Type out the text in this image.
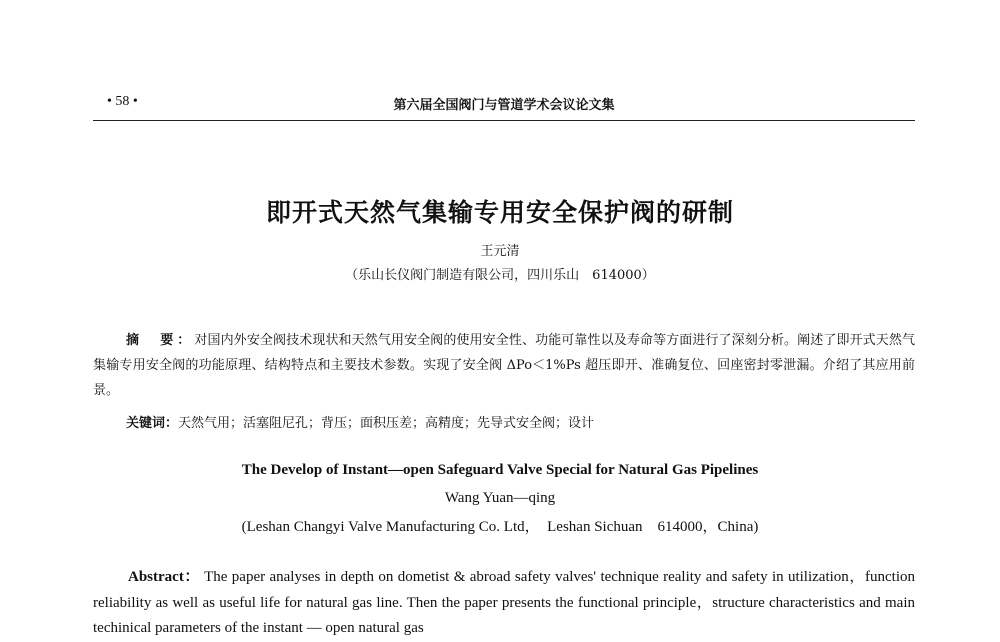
• 58 •	第六届全国阀门与管道学术会议论文集
即开式天然气集输专用安全保护阀的研制
王元清
（乐山长仪阀门制造有限公司，四川乐山　614000）
摘　要：对国内外安全阀技术现状和天然气用安全阀的使用安全性、功能可靠性以及寿命等方面进行了深刻分析。阐述了即开式天然气集输专用安全阀的功能原理、结构特点和主要技术参数。实现了安全阀 ΔPo＜1%Ps 超压即开、准确复位、回座密封零泄漏。介绍了其应用前景。
关键词：天然气用；活塞阻尼孔；背压；面积压差；高精度；先导式安全阀；设计
The Develop of Instant—open Safeguard Valve Special for Natural Gas Pipelines
Wang Yuan—qing
(Leshan Changyi Valve Manufacturing Co. Ltd，　Leshan Sichuan　614000，China)
Abstract： The paper analyses in depth on dometist & abroad safety valves' technique reality and safety in utilization，function reliability as well as useful life for natural gas line. Then the paper presents the functional principle，structure characteristics and main techinical parameters of the instant — open natural gas
